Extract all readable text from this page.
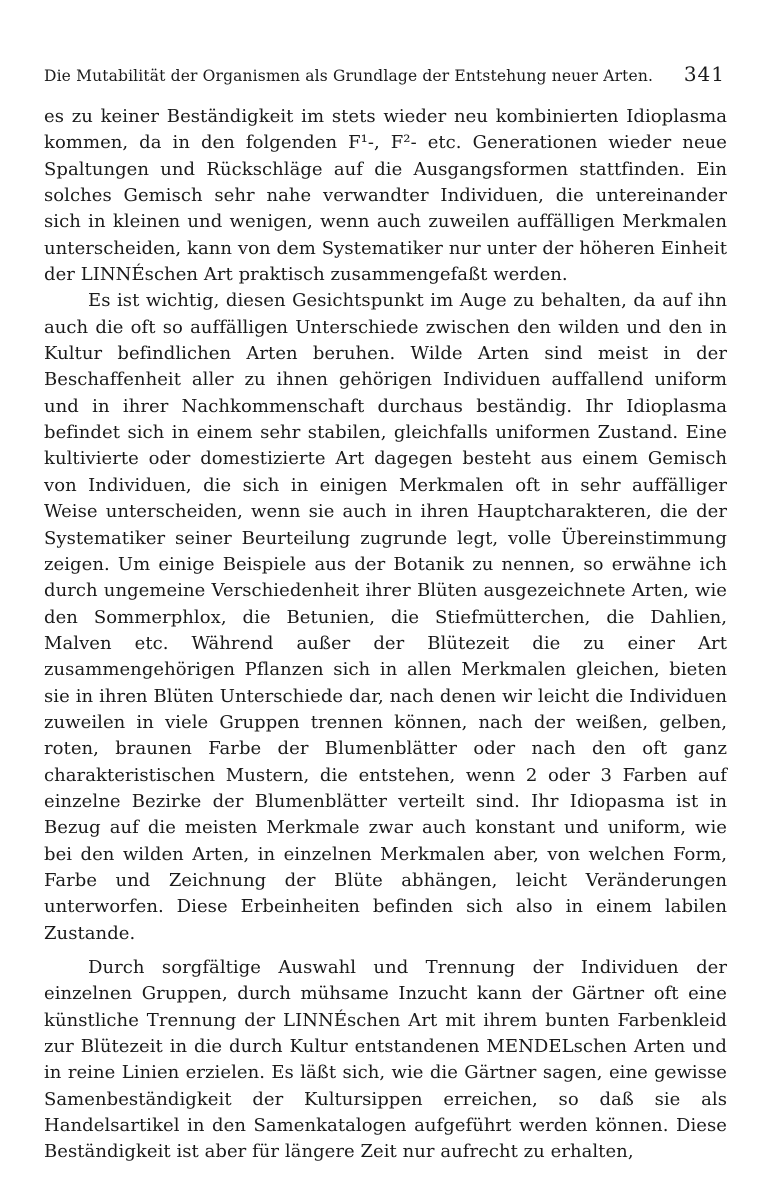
Die Mutabilität der Organismen als Grundlage der Entstehung neuer Arten. 341

es zu keiner Beständigkeit im stets wieder neu kombinierten Idioplasma kommen, da in den folgenden F¹-, F²- etc. Generationen wieder neue Spaltungen und Rückschläge auf die Ausgangsformen stattfinden. Ein solches Gemisch sehr nahe verwandter Individuen, die untereinander sich in kleinen und wenigen, wenn auch zuweilen auffälligen Merkmalen unterscheiden, kann von dem Systematiker nur unter der höheren Einheit der LINNÉschen Art praktisch zusammengefaßt werden.

Es ist wichtig, diesen Gesichtspunkt im Auge zu behalten, da auf ihn auch die oft so auffälligen Unterschiede zwischen den wilden und den in Kultur befindlichen Arten beruhen. Wilde Arten sind meist in der Beschaffenheit aller zu ihnen gehörigen Individuen auffallend uniform und in ihrer Nachkommenschaft durchaus beständig. Ihr Idioplasma befindet sich in einem sehr stabilen, gleichfalls uniformen Zustand. Eine kultivierte oder domestizierte Art dagegen besteht aus einem Gemisch von Individuen, die sich in einigen Merkmalen oft in sehr auffälliger Weise unterscheiden, wenn sie auch in ihren Hauptcharakteren, die der Systematiker seiner Beurteilung zugrunde legt, volle Übereinstimmung zeigen. Um einige Beispiele aus der Botanik zu nennen, so erwähne ich durch ungemeine Verschiedenheit ihrer Blüten ausgezeichnete Arten, wie den Sommerphlox, die Betunien, die Stiefmütterchen, die Dahlien, Malven etc. Während außer der Blütezeit die zu einer Art zusammengehörigen Pflanzen sich in allen Merkmalen gleichen, bieten sie in ihren Blüten Unterschiede dar, nach denen wir leicht die Individuen zuweilen in viele Gruppen trennen können, nach der weißen, gelben, roten, braunen Farbe der Blumenblätter oder nach den oft ganz charakteristischen Mustern, die entstehen, wenn 2 oder 3 Farben auf einzelne Bezirke der Blumenblätter verteilt sind. Ihr Idiopasma ist in Bezug auf die meisten Merkmale zwar auch konstant und uniform, wie bei den wilden Arten, in einzelnen Merkmalen aber, von welchen Form, Farbe und Zeichnung der Blüte abhängen, leicht Veränderungen unterworfen. Diese Erbeinheiten befinden sich also in einem labilen Zustande.

Durch sorgfältige Auswahl und Trennung der Individuen der einzelnen Gruppen, durch mühsame Inzucht kann der Gärtner oft eine künstliche Trennung der LINNÉschen Art mit ihrem bunten Farbenkleid zur Blütezeit in die durch Kultur entstandenen MENDELschen Arten und in reine Linien erzielen. Es läßt sich, wie die Gärtner sagen, eine gewisse Samenbeständigkeit der Kultursippen erreichen, so daß sie als Handelsartikel in den Samenkatalogen aufgeführt werden können. Diese Beständigkeit ist aber für längere Zeit nur aufrecht zu erhalten,
